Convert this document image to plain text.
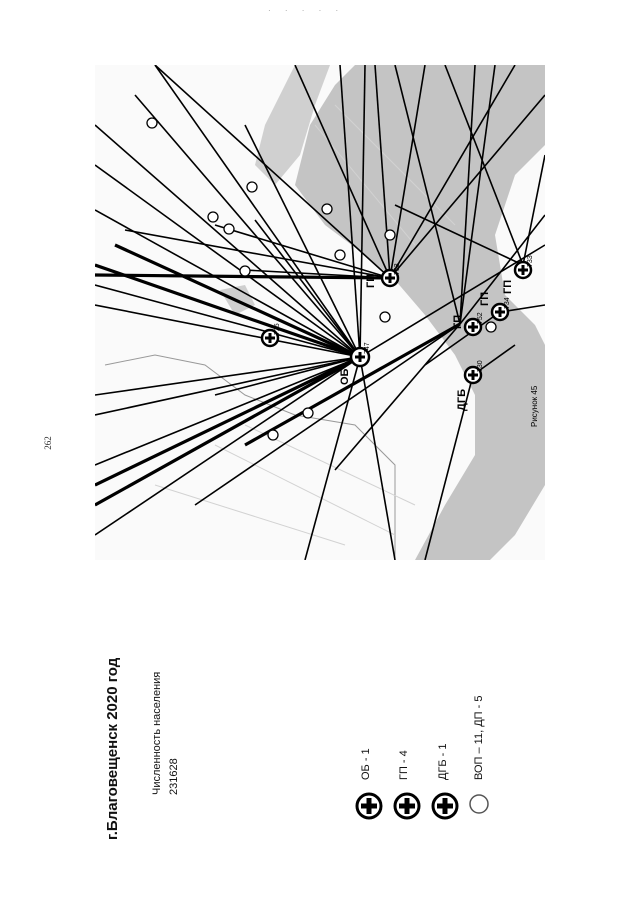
262
· · · · ·
г.Благовещенск 2020 год	Численность населения 231628	ОБ - 1 ГП - 4 ДГБ - 1 ВОП – 11, ДП - 5
747
ОБ
725
703
ГП
752
ГП
734
ГП
733
ГП
730
ДГБ	Рисунок 45
